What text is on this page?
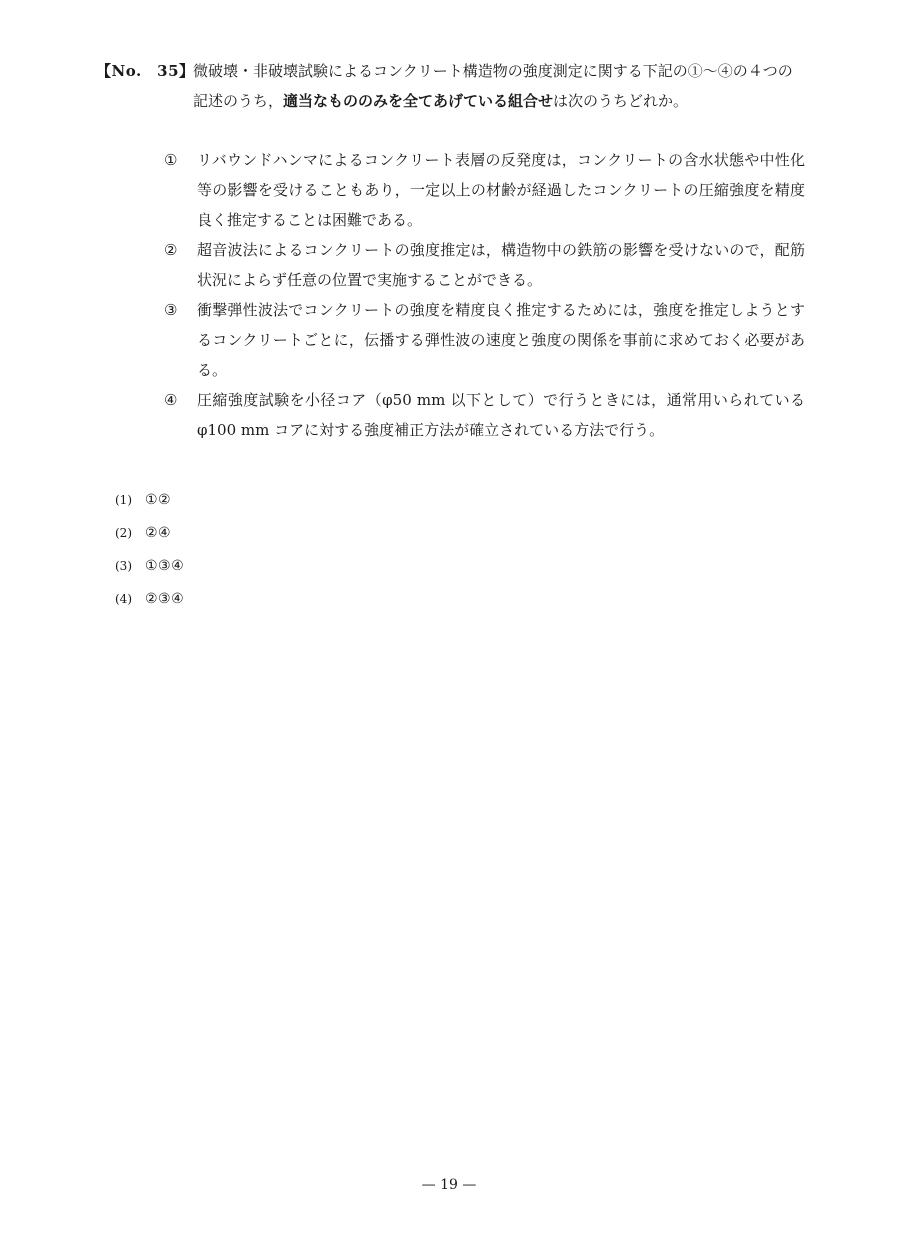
【No.　35】
微破壊・非破壊試験によるコンクリート構造物の強度測定に関する下記の①～④の４つの記述のうち，適当なもののみを全てあげている組合せは次のうちどれか。
①	リバウンドハンマによるコンクリート表層の反発度は，コンクリートの含水状態や中性化等の影響を受けることもあり，一定以上の材齢が経過したコンクリートの圧縮強度を精度良く推定することは困難である。
②	超音波法によるコンクリートの強度推定は，構造物中の鉄筋の影響を受けないので，配筋状況によらず任意の位置で実施することができる。
③	衝撃弾性波法でコンクリートの強度を精度良く推定するためには，強度を推定しようとするコンクリートごとに，伝播する弾性波の速度と強度の関係を事前に求めておく必要がある。
④	圧縮強度試験を小径コア（φ50 mm 以下として）で行うときには，通常用いられているφ100 mm コアに対する強度補正方法が確立されている方法で行う。
(1) ①②
(2) ②④
(3) ①③④
(4) ②③④
— 19 —
